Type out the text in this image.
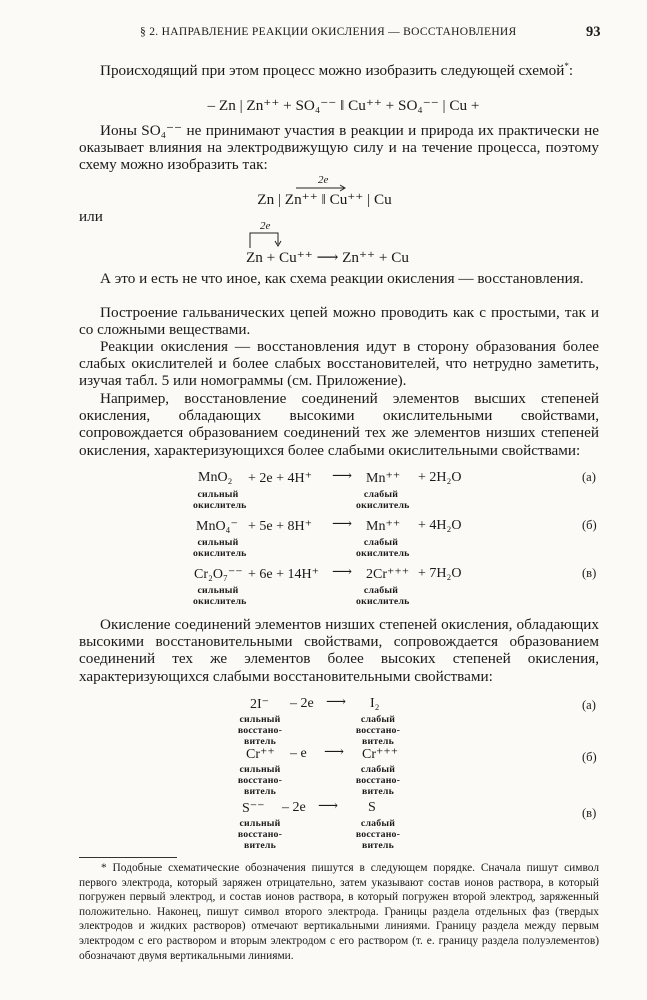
§ 2. НАПРАВЛЕНИЕ РЕАКЦИИ ОКИСЛЕНИЯ — ВОССТАНОВЛЕНИЯ	93

Происходящий при этом процесс можно изобразить следующей схемой*:

– Zn | Zn⁺⁺ + SO₄⁻⁻ ‖ Cu⁺⁺ + SO₄⁻⁻ | Cu +

Ионы SO₄⁻⁻ не принимают участия в реакции и природа их практически не оказывает влияния на электродвижущую силу и на течение процесса, поэтому схему можно изобразить так:

2e
Zn | Zn⁺⁺ ‖ Cu⁺⁺ | Cu
или
2e
Zn + Cu⁺⁺ ⟶ Zn⁺⁺ + Cu

А это и есть не что иное, как схема реакции окисления — восстановления.

Построение гальванических цепей можно проводить как с простыми, так и со сложными веществами.

Реакции окисления — восстановления идут в сторону образования более слабых окислителей и более слабых восстановителей, что нетрудно заметить, изучая табл. 5 или номограммы (см. Приложение).

Например, восстановление соединений элементов высших степеней окисления, обладающих высокими окислительными свойствами, сопровождается образованием соединений тех же элементов низших степеней окисления, характеризующихся более слабыми окислительными свойствами:

MnO₂ + 2e + 4H⁺ ⟶ Mn⁺⁺ + 2H₂O	(а)
сильный
окислитель
слабый
окислитель
MnO₄⁻ + 5e + 8H⁺ ⟶ Mn⁺⁺ + 4H₂O	(б)
сильный
окислитель
слабый
окислитель
Cr₂O₇⁻⁻ + 6e + 14H⁺ ⟶ 2Cr⁺⁺⁺ + 7H₂O	(в)
сильный
окислитель
слабый
окислитель

Окисление соединений элементов низших степеней окисления, обладающих высокими восстановительными свойствами, сопровождается образованием соединений тех же элементов более высоких степеней окисления, характеризующихся слабыми восстановительными свойствами:

2I⁻ – 2e ⟶ I₂	(а)
сильный
восстано-
витель
слабый
восстано-
витель
Cr⁺⁺ – e ⟶ Cr⁺⁺⁺	(б)
сильный
восстано-
витель
слабый
восстано-
витель
S⁻⁻ – 2e ⟶ S	(в)
сильный
восстано-
витель
слабый
восстано-
витель

* Подобные схематические обозначения пишутся в следующем порядке. Сначала пишут символ первого электрода, который заряжен отрицательно, затем указывают состав ионов раствора, в который погружен первый электрод, и состав ионов раствора, в который погружен второй электрод, заряженный положительно. Наконец, пишут символ второго электрода. Границы раздела отдельных фаз (твердых электродов и жидких растворов) отмечают вертикальными линиями. Границу раздела между первым электродом с его раствором и вторым электродом с его раствором (т. е. границу раздела полуэлементов) обозначают двумя вертикальными линиями.
